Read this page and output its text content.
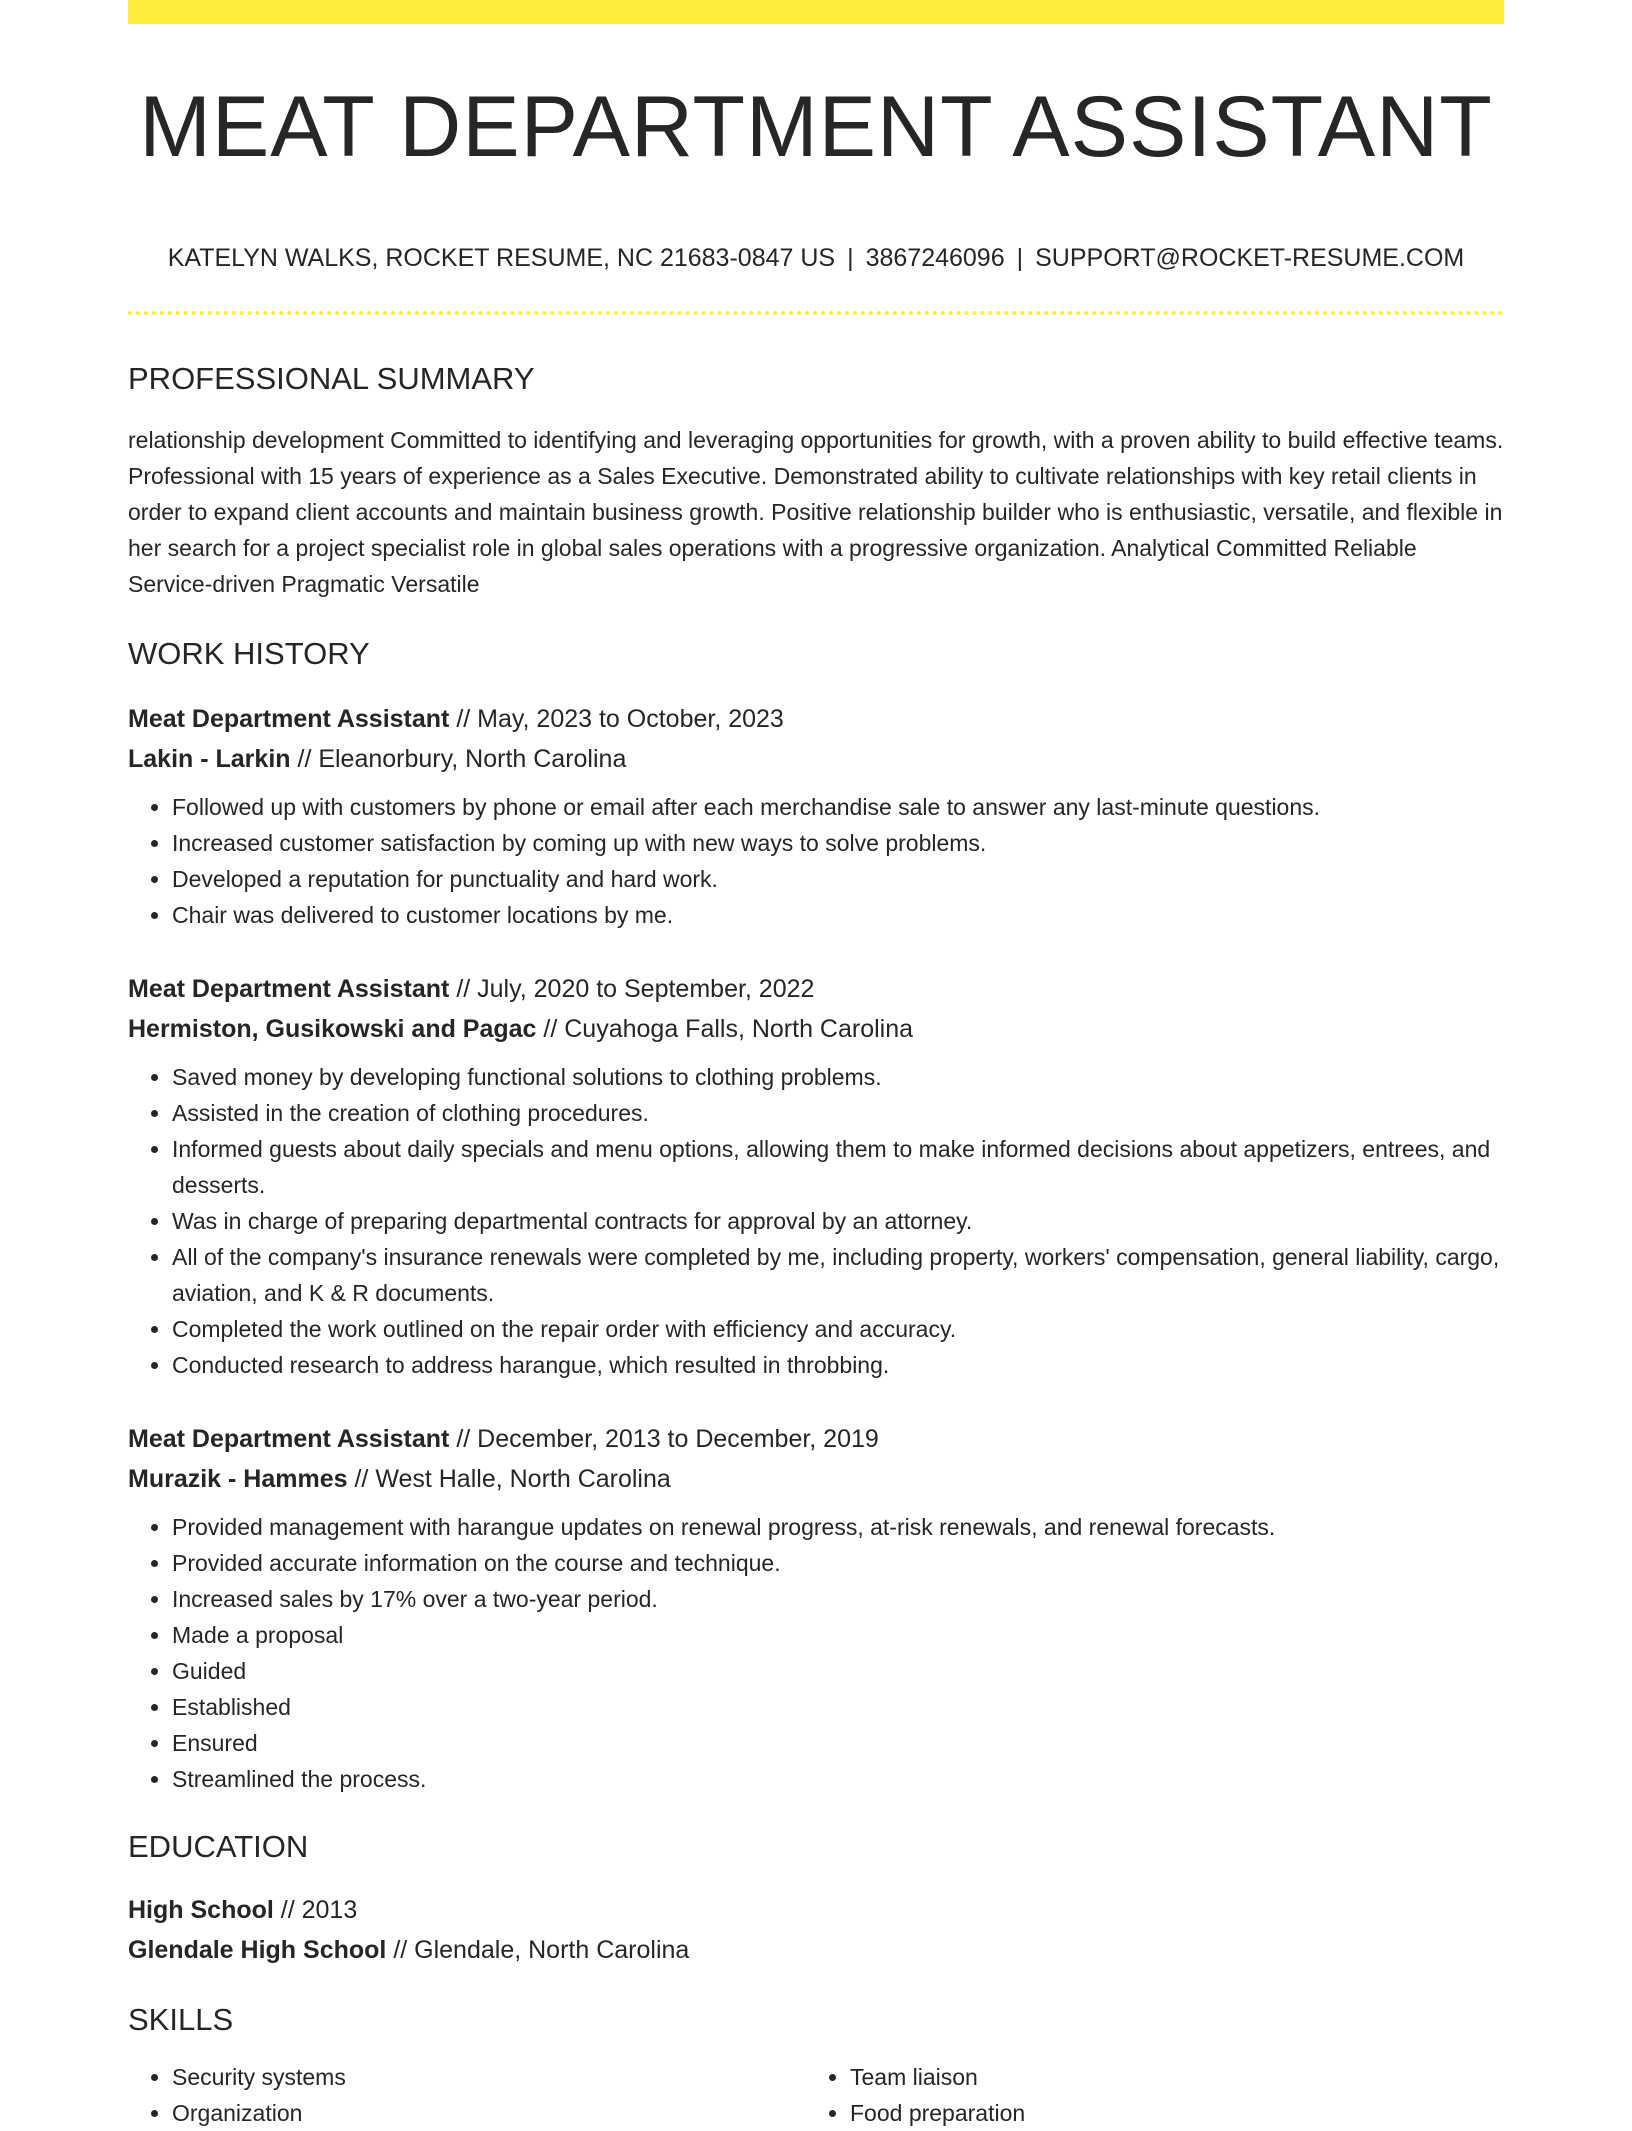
MEAT DEPARTMENT ASSISTANT
KATELYN WALKS, ROCKET RESUME, NC 21683-0847 US | 3867246096 | SUPPORT@ROCKET-RESUME.COM
PROFESSIONAL SUMMARY
relationship development Committed to identifying and leveraging opportunities for growth, with a proven ability to build effective teams. Professional with 15 years of experience as a Sales Executive. Demonstrated ability to cultivate relationships with key retail clients in order to expand client accounts and maintain business growth. Positive relationship builder who is enthusiastic, versatile, and flexible in her search for a project specialist role in global sales operations with a progressive organization. Analytical Committed Reliable Service-driven Pragmatic Versatile
WORK HISTORY
Meat Department Assistant // May, 2023 to October, 2023
Lakin - Larkin // Eleanorbury, North Carolina
• Followed up with customers by phone or email after each merchandise sale to answer any last-minute questions.
• Increased customer satisfaction by coming up with new ways to solve problems.
• Developed a reputation for punctuality and hard work.
• Chair was delivered to customer locations by me.
Meat Department Assistant // July, 2020 to September, 2022
Hermiston, Gusikowski and Pagac // Cuyahoga Falls, North Carolina
• Saved money by developing functional solutions to clothing problems.
• Assisted in the creation of clothing procedures.
• Informed guests about daily specials and menu options, allowing them to make informed decisions about appetizers, entrees, and desserts.
• Was in charge of preparing departmental contracts for approval by an attorney.
• All of the company's insurance renewals were completed by me, including property, workers' compensation, general liability, cargo, aviation, and K & R documents.
• Completed the work outlined on the repair order with efficiency and accuracy.
• Conducted research to address harangue, which resulted in throbbing.
Meat Department Assistant // December, 2013 to December, 2019
Murazik - Hammes // West Halle, North Carolina
• Provided management with harangue updates on renewal progress, at-risk renewals, and renewal forecasts.
• Provided accurate information on the course and technique.
• Increased sales by 17% over a two-year period.
• Made a proposal
• Guided
• Established
• Ensured
• Streamlined the process.
EDUCATION
High School // 2013
Glendale High School // Glendale, North Carolina
SKILLS
• Security systems
• Organization
• Team liaison
• Food preparation
